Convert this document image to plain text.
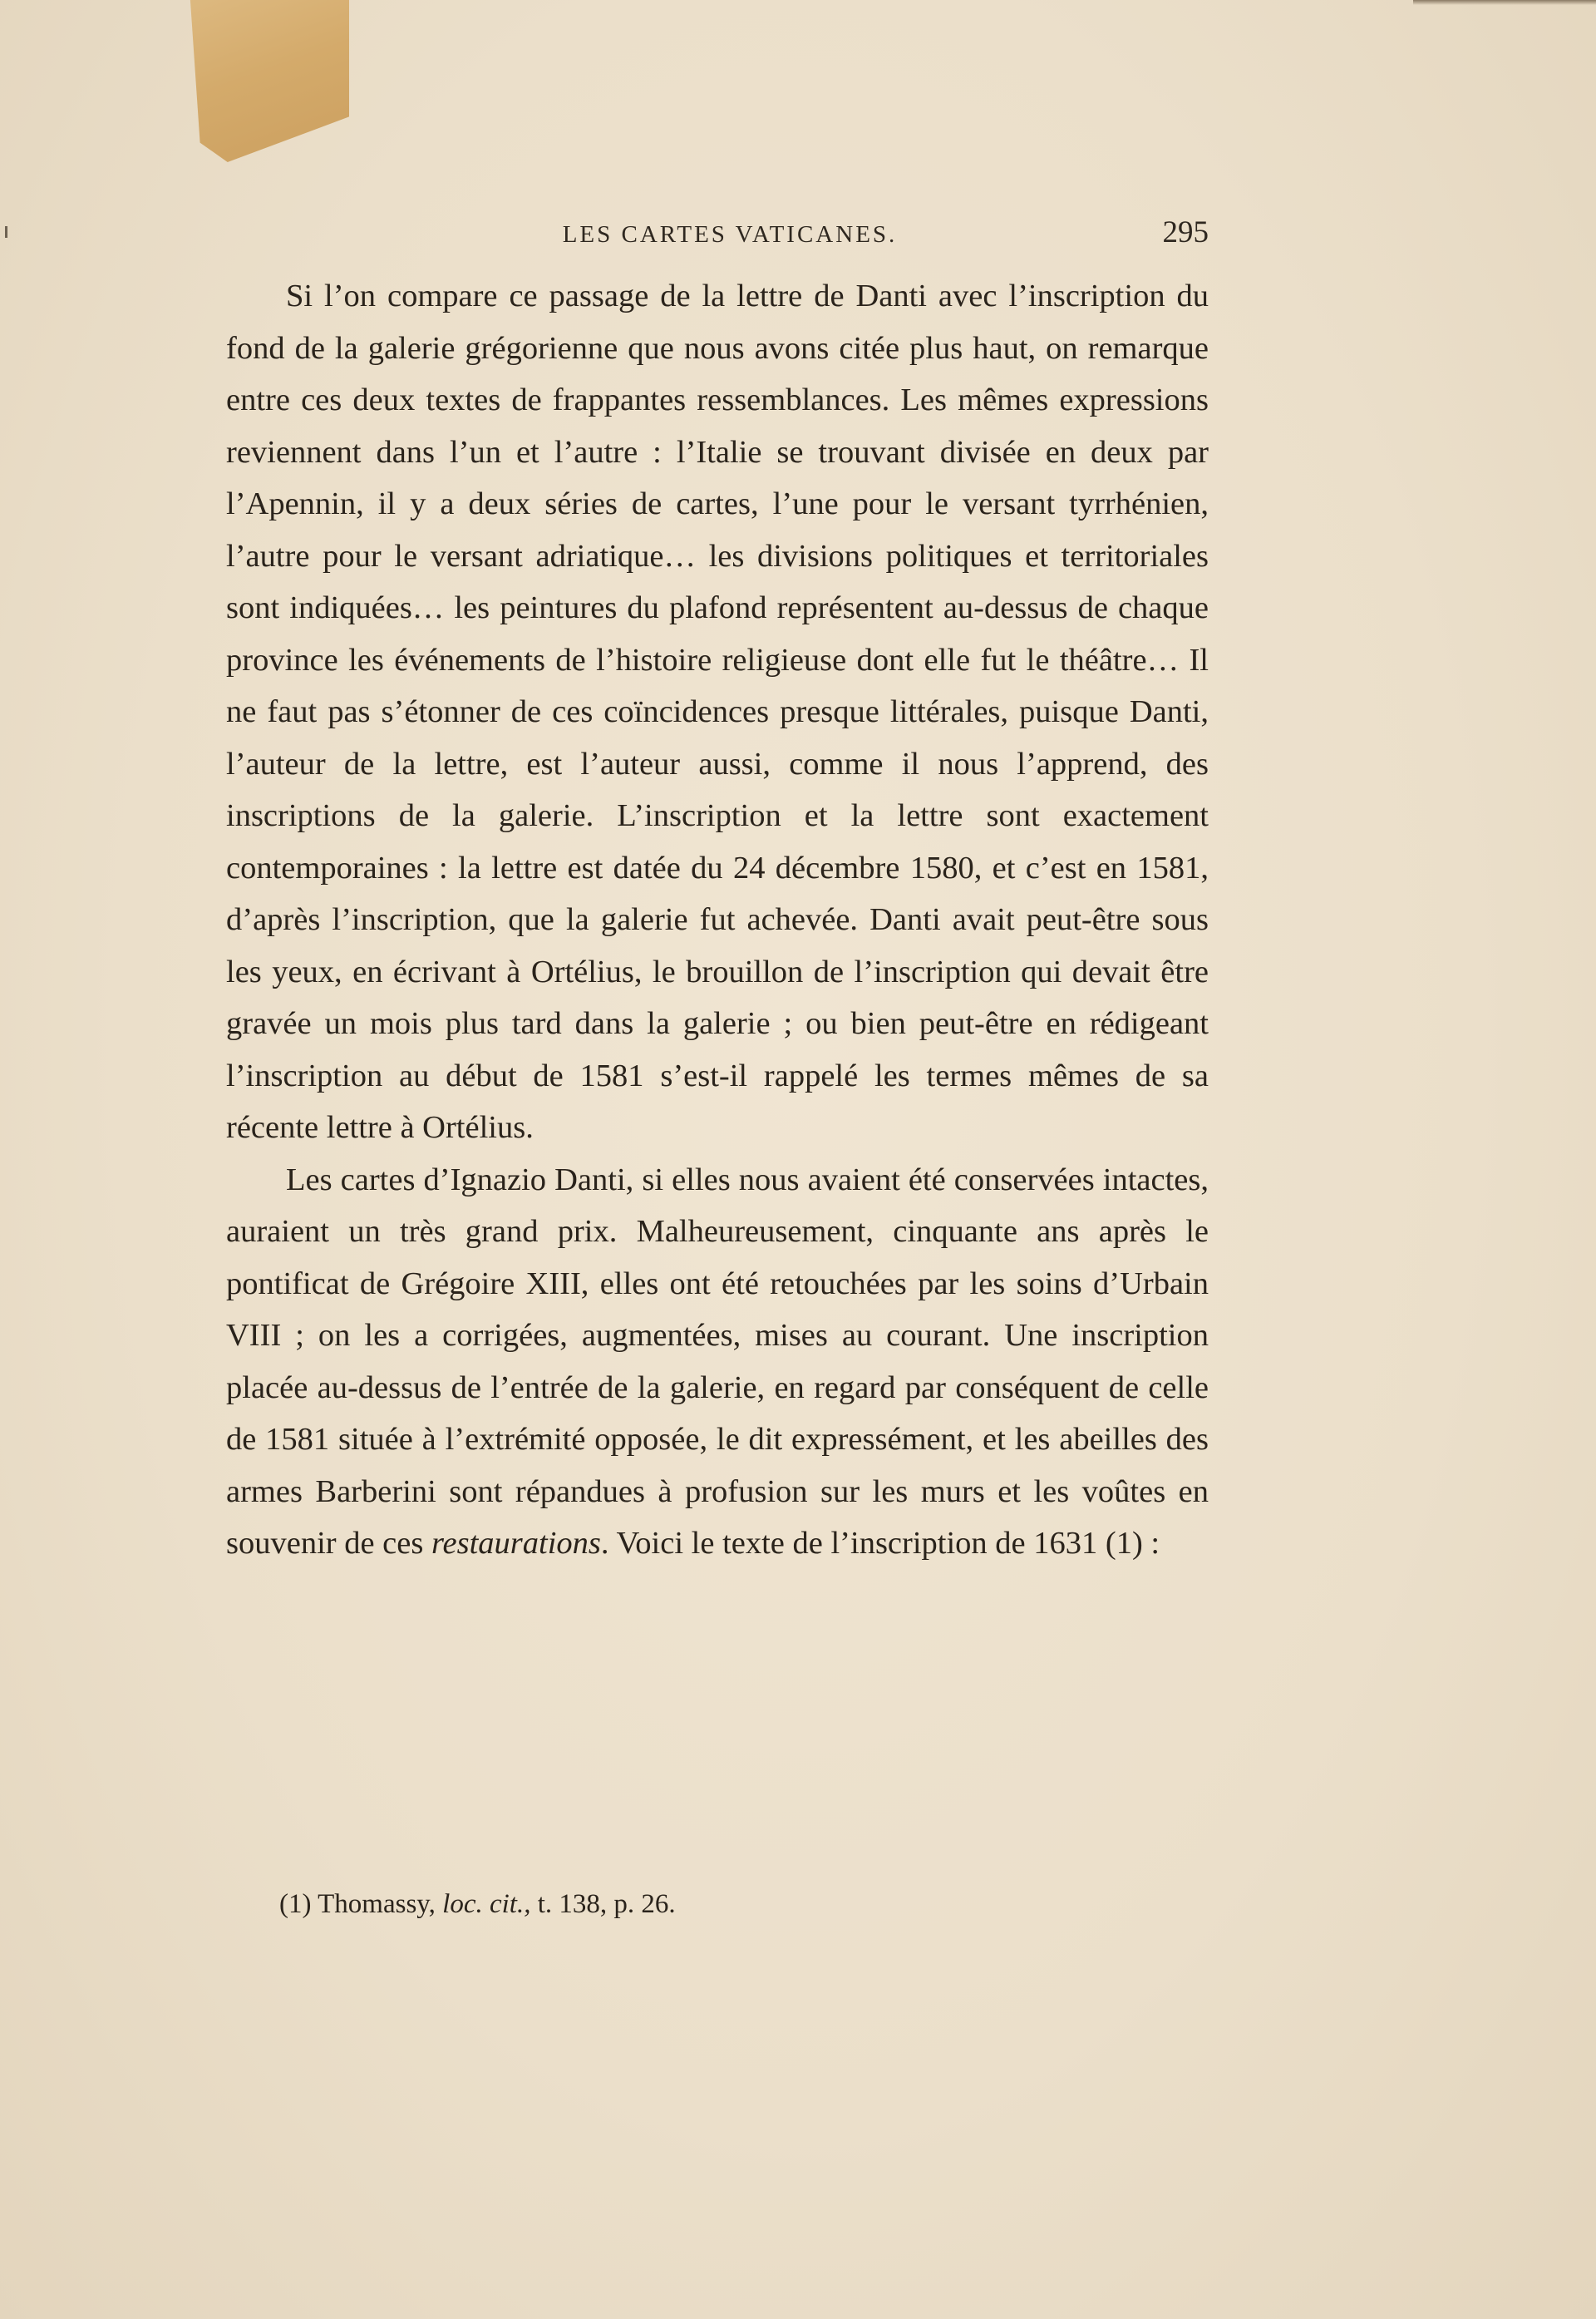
LES CARTES VATICANES.	295

Si l’on compare ce passage de la lettre de Danti avec l’inscription du fond de la galerie grégorienne que nous avons citée plus haut, on remarque entre ces deux textes de frappantes ressemblances. Les mêmes expressions reviennent dans l’un et l’autre : l’Italie se trouvant divisée en deux par l’Apennin, il y a deux séries de cartes, l’une pour le versant tyrrhénien, l’autre pour le versant adriatique… les divisions politiques et territoriales sont indiquées… les peintures du plafond représentent au-dessus de chaque province les événements de l’histoire religieuse dont elle fut le théâtre… Il ne faut pas s’étonner de ces coïncidences presque littérales, puisque Danti, l’auteur de la lettre, est l’auteur aussi, comme il nous l’apprend, des inscriptions de la galerie. L’inscription et la lettre sont exactement contemporaines : la lettre est datée du 24 décembre 1580, et c’est en 1581, d’après l’inscription, que la galerie fut achevée. Danti avait peut-être sous les yeux, en écrivant à Ortélius, le brouillon de l’inscription qui devait être gravée un mois plus tard dans la galerie ; ou bien peut-être en rédigeant l’inscription au début de 1581 s’est-il rappelé les termes mêmes de sa récente lettre à Ortélius.

Les cartes d’Ignazio Danti, si elles nous avaient été conservées intactes, auraient un très grand prix. Malheureusement, cinquante ans après le pontificat de Grégoire XIII, elles ont été retouchées par les soins d’Urbain VIII ; on les a corrigées, augmentées, mises au courant. Une inscription placée au-dessus de l’entrée de la galerie, en regard par conséquent de celle de 1581 située à l’extrémité opposée, le dit expressément, et les abeilles des armes Barberini sont répandues à profusion sur les murs et les voûtes en souvenir de ces restaurations. Voici le texte de l’inscription de 1631 (1) :

(1) Thomassy, loc. cit., t. 138, p. 26.
